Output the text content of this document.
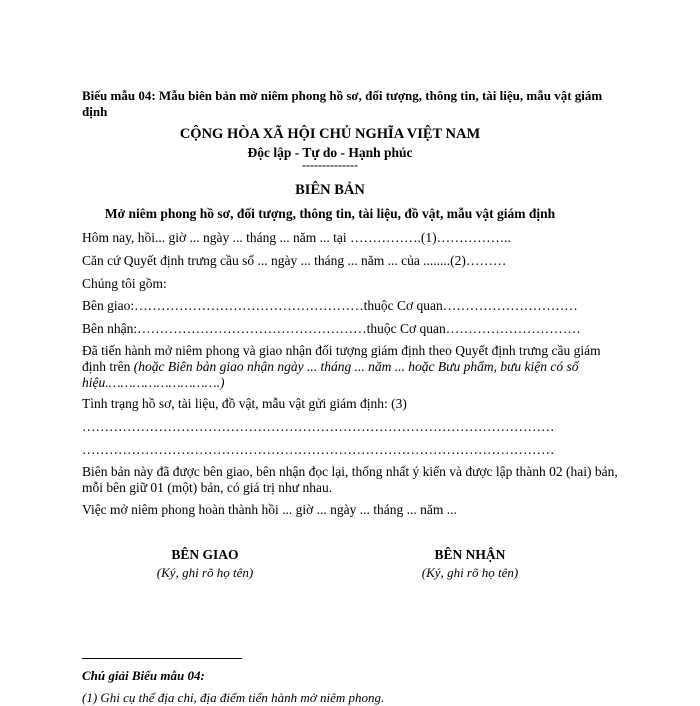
Biểu mẫu 04: Mẫu biên bản mở niêm phong hồ sơ, đối tượng, thông tin, tài liệu, mẫu vật giám định
CỘNG HÒA XÃ HỘI CHỦ NGHĨA VIỆT NAM
Độc lập - Tự do - Hạnh phúc
--------------
BIÊN BẢN
Mở niêm phong hồ sơ, đối tượng, thông tin, tài liệu, đồ vật, mẫu vật giám định
Hôm nay, hồi... giờ ... ngày ... tháng ... năm ... tại …………….(1)……………..
Căn cứ Quyết định trưng cầu số ... ngày ... tháng ... năm ... của ........(2)………
Chúng tôi gồm:
Bên giao:……………………………………………thuộc Cơ quan…………………………
Bên nhận:……………………………………………thuộc Cơ quan…………………………
Đã tiến hành mở niêm phong và giao nhận đối tượng giám định theo Quyết định trưng cầu giám định trên (hoặc Biên bản giao nhận ngày ... tháng ... năm ... hoặc Bưu phẩm, bưu kiện có số hiệu.……………………….)
Tình trạng hồ sơ, tài liệu, đồ vật, mẫu vật gửi giám định: (3)
……………………………………………………………………………………………
……………………………………………………………………………………………
Biên bản này đã được bên giao, bên nhận đọc lại, thống nhất ý kiến và được lập thành 02 (hai) bản, mỗi bên giữ 01 (một) bản, có giá trị như nhau.
Việc mở niêm phong hoàn thành hồi ... giờ ... ngày ... tháng ... năm ...
BÊN GIAO
(Ký, ghi rõ họ tên)
BÊN NHẬN
(Ký, ghi rõ họ tên)
Chú giải Biểu mẫu 04:
(1) Ghi cụ thể địa chỉ, địa điểm tiến hành mở niêm phong.
